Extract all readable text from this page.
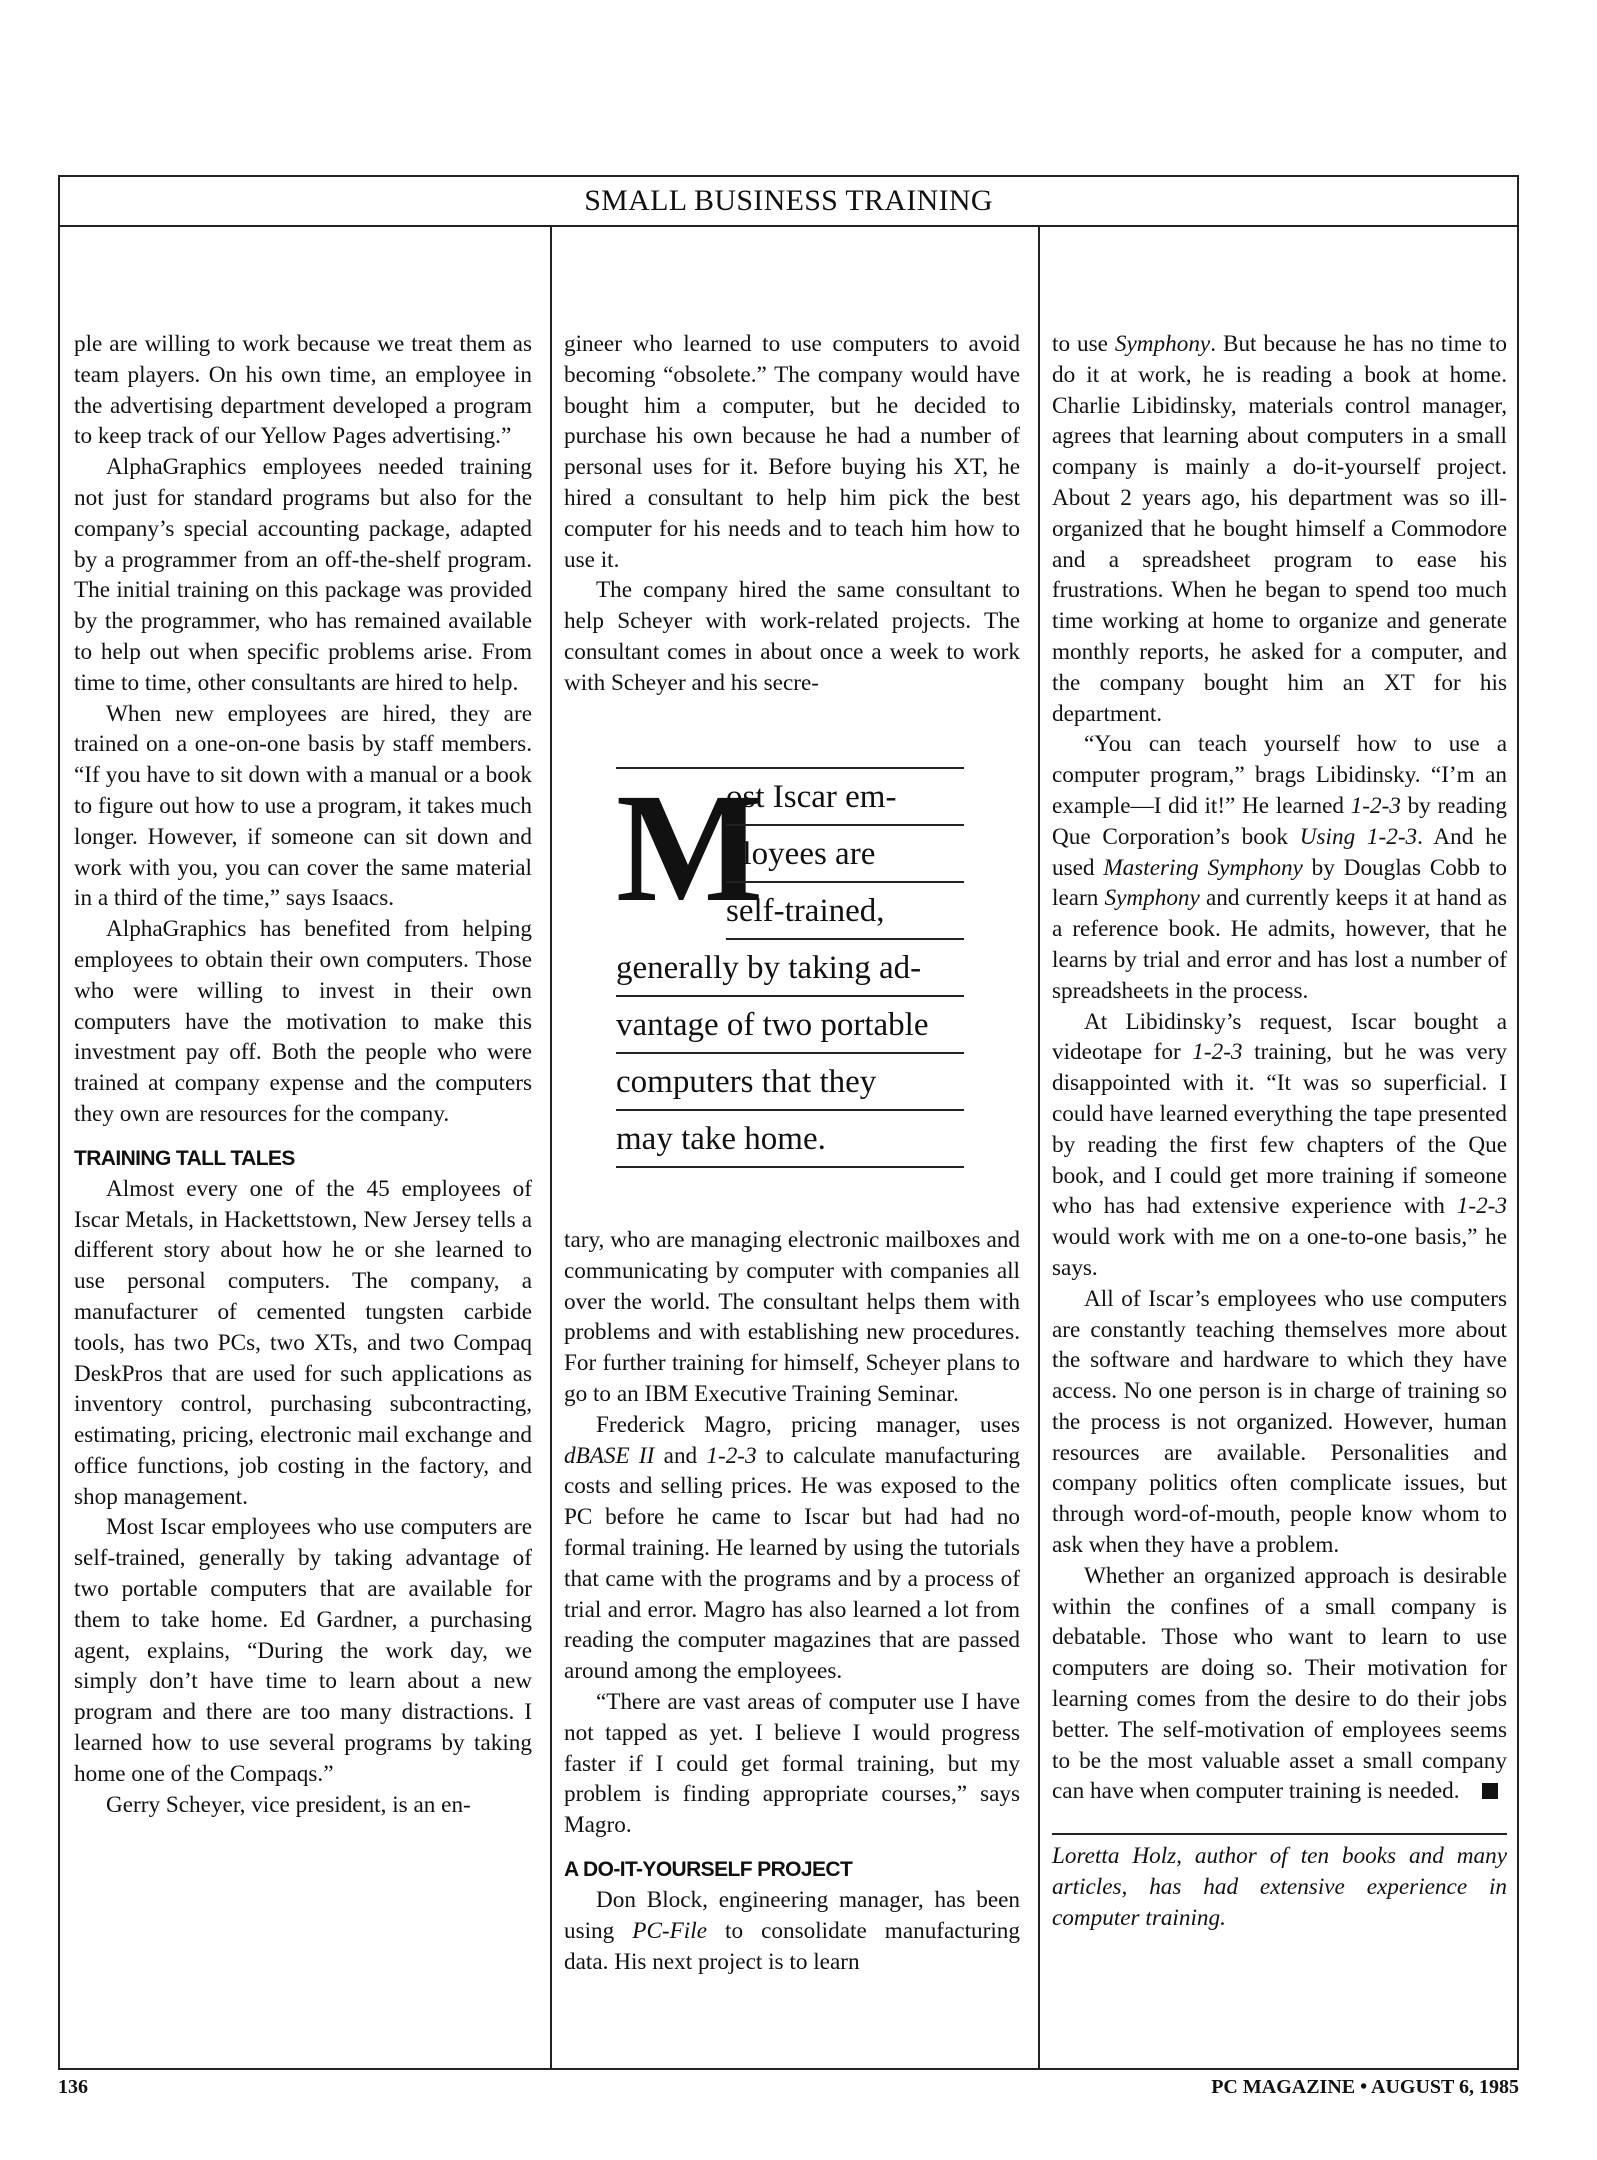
SMALL BUSINESS TRAINING

ple are willing to work because we treat them as team players. On his own time, an employee in the advertising department developed a program to keep track of our Yellow Pages advertising.”

AlphaGraphics employees needed training not just for standard programs but also for the company’s special accounting package, adapted by a programmer from an off-the-shelf program. The initial training on this package was provided by the programmer, who has remained available to help out when specific problems arise. From time to time, other consultants are hired to help.

When new employees are hired, they are trained on a one-on-one basis by staff members. “If you have to sit down with a manual or a book to figure out how to use a program, it takes much longer. However, if someone can sit down and work with you, you can cover the same material in a third of the time,” says Isaacs.

AlphaGraphics has benefited from helping employees to obtain their own computers. Those who were willing to invest in their own computers have the motivation to make this investment pay off. Both the people who were trained at company expense and the computers they own are resources for the company.

TRAINING TALL TALES

Almost every one of the 45 employees of Iscar Metals, in Hackettstown, New Jersey tells a different story about how he or she learned to use personal computers. The company, a manufacturer of cemented tungsten carbide tools, has two PCs, two XTs, and two Compaq DeskPros that are used for such applications as inventory control, purchasing subcontracting, estimating, pricing, electronic mail exchange and office functions, job costing in the factory, and shop management.

Most Iscar employees who use computers are self-trained, generally by taking advantage of two portable computers that are available for them to take home. Ed Gardner, a purchasing agent, explains, “During the work day, we simply don’t have time to learn about a new program and there are too many distractions. I learned how to use several programs by taking home one of the Compaqs.”

Gerry Scheyer, vice president, is an en-

gineer who learned to use computers to avoid becoming “obsolete.” The company would have bought him a computer, but he decided to purchase his own because he had a number of personal uses for it. Before buying his XT, he hired a consultant to help him pick the best computer for his needs and to teach him how to use it.

The company hired the same consultant to help Scheyer with work-related projects. The consultant comes in about once a week to work with Scheyer and his secre-

M
ost Iscar em-
ployees are
self-trained,
generally by taking ad-
vantage of two portable
computers that they
may take home.

tary, who are managing electronic mailboxes and communicating by computer with companies all over the world. The consultant helps them with problems and with establishing new procedures. For further training for himself, Scheyer plans to go to an IBM Executive Training Seminar.

Frederick Magro, pricing manager, uses dBASE II and 1-2-3 to calculate manufacturing costs and selling prices. He was exposed to the PC before he came to Iscar but had had no formal training. He learned by using the tutorials that came with the programs and by a process of trial and error. Magro has also learned a lot from reading the computer magazines that are passed around among the employees.

“There are vast areas of computer use I have not tapped as yet. I believe I would progress faster if I could get formal training, but my problem is finding appropriate courses,” says Magro.

A DO-IT-YOURSELF PROJECT

Don Block, engineering manager, has been using PC-File to consolidate manufacturing data. His next project is to learn

to use Symphony. But because he has no time to do it at work, he is reading a book at home. Charlie Libidinsky, materials control manager, agrees that learning about computers in a small company is mainly a do-it-yourself project. About 2 years ago, his department was so ill-organized that he bought himself a Commodore and a spreadsheet program to ease his frustrations. When he began to spend too much time working at home to organize and generate monthly reports, he asked for a computer, and the company bought him an XT for his department.

“You can teach yourself how to use a computer program,” brags Libidinsky. “I’m an example—I did it!” He learned 1-2-3 by reading Que Corporation’s book Using 1-2-3. And he used Mastering Symphony by Douglas Cobb to learn Symphony and currently keeps it at hand as a reference book. He admits, however, that he learns by trial and error and has lost a number of spreadsheets in the process.

At Libidinsky’s request, Iscar bought a videotape for 1-2-3 training, but he was very disappointed with it. “It was so superficial. I could have learned everything the tape presented by reading the first few chapters of the Que book, and I could get more training if someone who has had extensive experience with 1-2-3 would work with me on a one-to-one basis,” he says.

All of Iscar’s employees who use computers are constantly teaching themselves more about the software and hardware to which they have access. No one person is in charge of training so the process is not organized. However, human resources are available. Personalities and company politics often complicate issues, but through word-of-mouth, people know whom to ask when they have a problem.

Whether an organized approach is desirable within the confines of a small company is debatable. Those who want to learn to use computers are doing so. Their motivation for learning comes from the desire to do their jobs better. The self-motivation of employees seems to be the most valuable asset a small company can have when computer training is needed.

Loretta Holz, author of ten books and many articles, has had extensive experience in computer training.

136	PC MAGAZINE • AUGUST 6, 1985
